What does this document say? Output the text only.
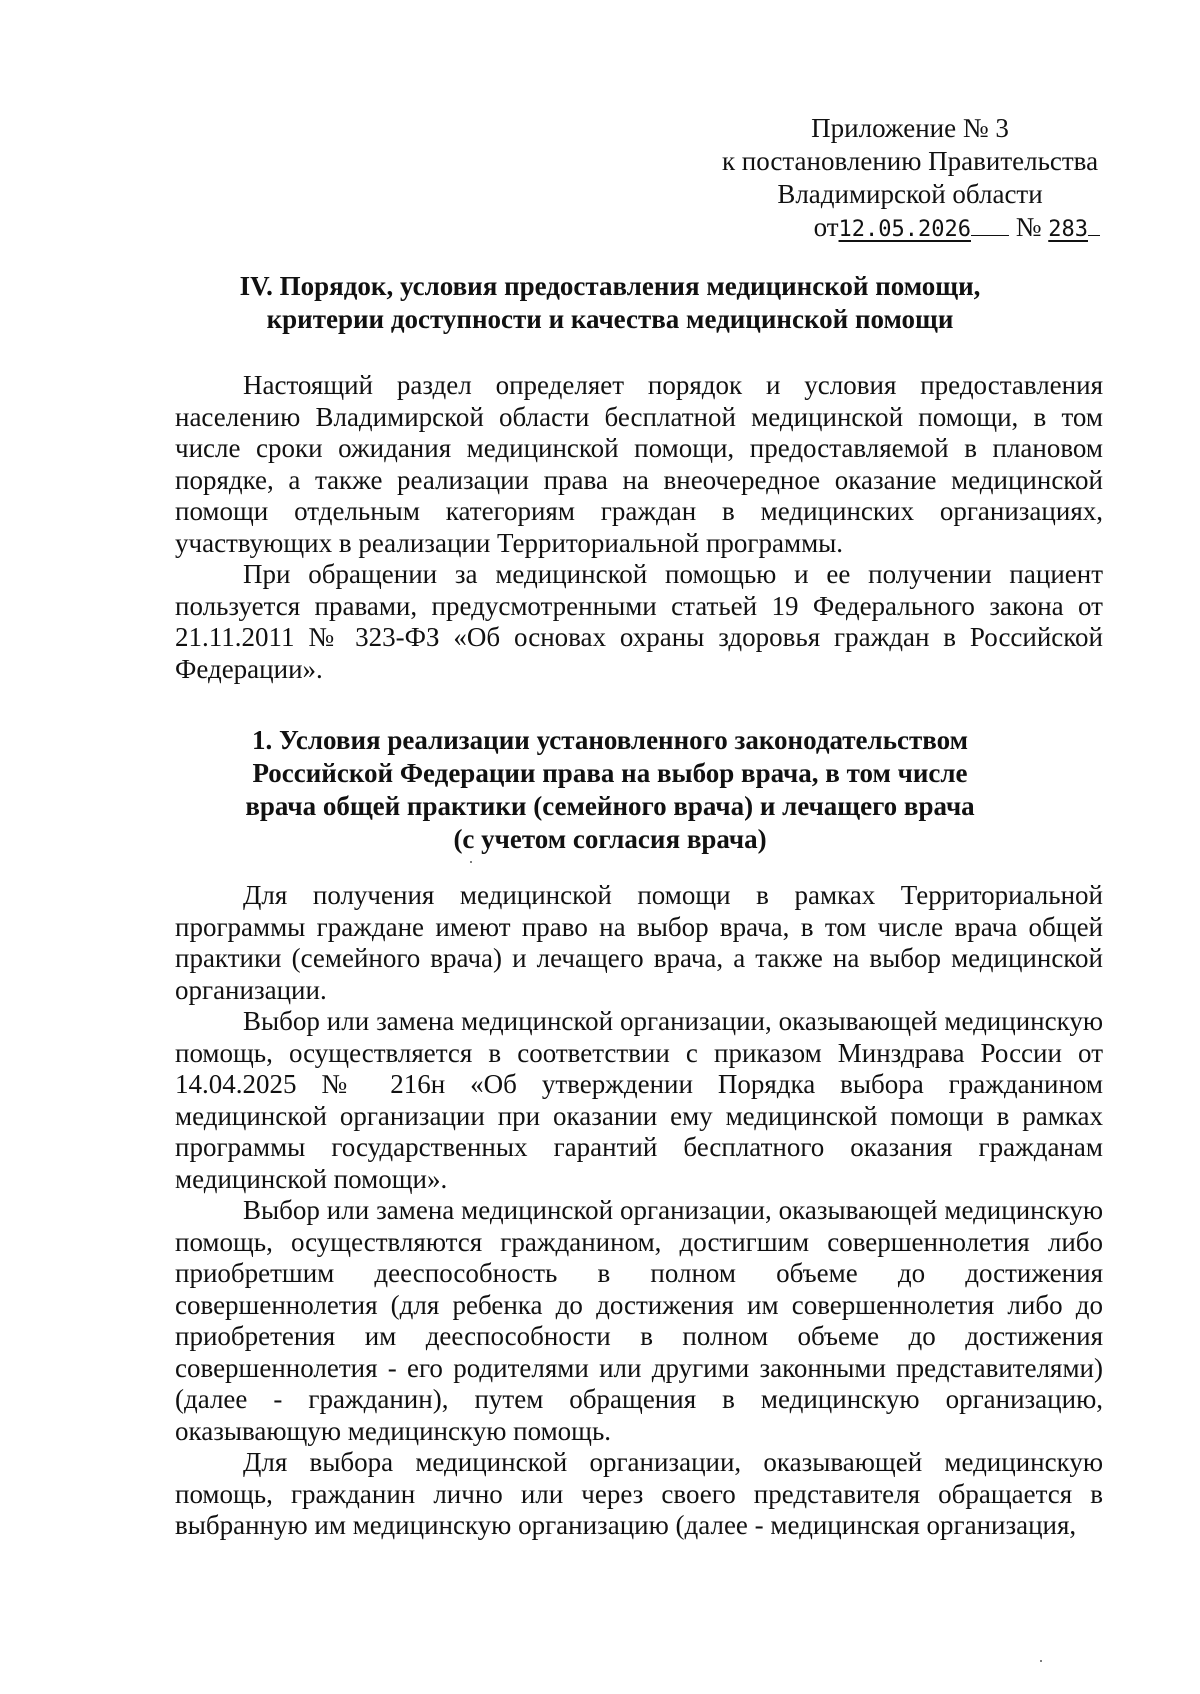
Приложение № 3
к постановлению Правительства
Владимирской области
от12.05.2026 № 283
IV. Порядок, условия предоставления медицинской помощи,
критерии доступности и качества медицинской помощи

Настоящий раздел определяет порядок и условия предоставления населению Владимирской области бесплатной медицинской помощи, в том числе сроки ожидания медицинской помощи, предоставляемой в плановом порядке, а также реализации права на внеочередное оказание медицинской помощи отдельным категориям граждан в медицинских организациях, участвующих в реализации Территориальной программы.

При обращении за медицинской помощью и ее получении пациент пользуется правами, предусмотренными статьей 19 Федерального закона от 21.11.2011 № 323-ФЗ «Об основах охраны здоровья граждан в Российской Федерации».

1. Условия реализации установленного законодательством
Российской Федерации права на выбор врача, в том числе
врача общей практики (семейного врача) и лечащего врача
(с учетом согласия врача)

Для получения медицинской помощи в рамках Территориальной программы граждане имеют право на выбор врача, в том числе врача общей практики (семейного врача) и лечащего врача, а также на выбор медицинской организации.

Выбор или замена медицинской организации, оказывающей медицинскую помощь, осуществляется в соответствии с приказом Минздрава России от 14.04.2025 № 216н «Об утверждении Порядка выбора гражданином медицинской организации при оказании ему медицинской помощи в рамках программы государственных гарантий бесплатного оказания гражданам медицинской помощи».

Выбор или замена медицинской организации, оказывающей медицинскую помощь, осуществляются гражданином, достигшим совершеннолетия либо приобретшим дееспособность в полном объеме до достижения совершеннолетия (для ребенка до достижения им совершеннолетия либо до приобретения им дееспособности в полном объеме до достижения совершеннолетия - его родителями или другими законными представителями) (далее - гражданин), путем обращения в медицинскую организацию, оказывающую медицинскую помощь.

Для выбора медицинской организации, оказывающей медицинскую помощь, гражданин лично или через своего представителя обращается в выбранную им медицинскую организацию (далее - медицинская организация,
